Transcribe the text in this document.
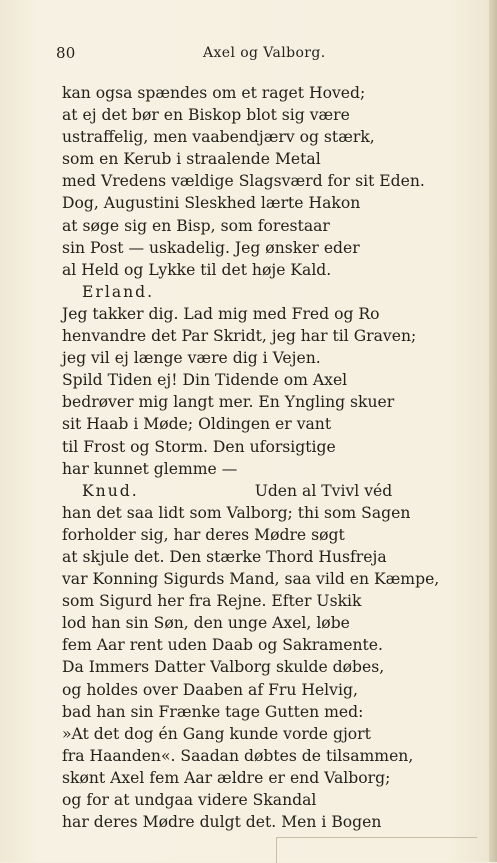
80	Axel og Valborg.
kan ogsa spændes om et raget Hoved;
at ej det bør en Biskop blot sig være
ustraffelig, men vaabendjærv og stærk,
som en Kerub i straalende Metal
med Vredens vældige Slagsværd for sit Eden.
Dog, Augustini Sleskhed lærte Hakon
at søge sig en Bisp, som forestaar
sin Post — uskadelig. Jeg ønsker eder
al Held og Lykke til det høje Kald.
Erland.
Jeg takker dig. Lad mig med Fred og Ro
henvandre det Par Skridt, jeg har til Graven;
jeg vil ej længe være dig i Vejen.
Spild Tiden ej! Din Tidende om Axel
bedrøver mig langt mer. En Yngling skuer
sit Haab i Møde; Oldingen er vant
til Frost og Storm. Den uforsigtige
har kunnet glemme —
Knud.	Uden al Tvivl véd
han det saa lidt som Valborg; thi som Sagen
forholder sig, har deres Mødre søgt
at skjule det. Den stærke Thord Husfreja
var Konning Sigurds Mand, saa vild en Kæmpe,
som Sigurd her fra Rejne. Efter Uskik
lod han sin Søn, den unge Axel, løbe
fem Aar rent uden Daab og Sakramente.
Da Immers Datter Valborg skulde døbes,
og holdes over Daaben af Fru Helvig,
bad han sin Frænke tage Gutten med:
»At det dog én Gang kunde vorde gjort
fra Haanden«. Saadan døbtes de tilsammen,
skønt Axel fem Aar ældre er end Valborg;
og for at undgaa videre Skandal
har deres Mødre dulgt det. Men i Bogen
